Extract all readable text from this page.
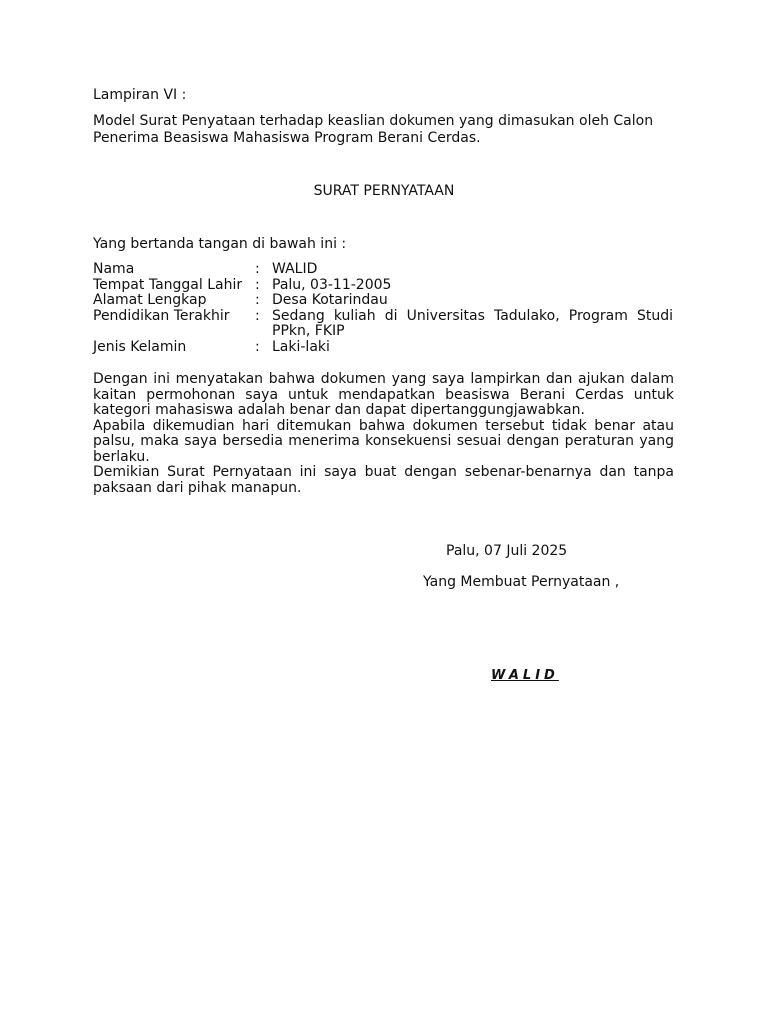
Lampiran VI :
Model Surat Penyataan terhadap keaslian dokumen yang dimasukan oleh Calon Penerima Beasiswa Mahasiswa Program Berani Cerdas.
SURAT PERNYATAAN
Yang bertanda tangan di bawah ini :
Nama	: WALID
Tempat Tanggal Lahir : Palu, 03-11-2005
Alamat Lengkap	: Desa Kotarindau
Pendidikan Terakhir	: Sedang kuliah di Universitas Tadulako, Program Studi PPkn, FKIP
Jenis Kelamin	: Laki-laki

Dengan ini menyatakan bahwa dokumen yang saya lampirkan dan ajukan dalam kaitan permohonan saya untuk mendapatkan beasiswa Berani Cerdas untuk kategori mahasiswa adalah benar dan dapat dipertanggungjawabkan.

Apabila dikemudian hari ditemukan bahwa dokumen tersebut tidak benar atau palsu, maka saya bersedia menerima konsekuensi sesuai dengan peraturan yang berlaku.

Demikian Surat Pernyataan ini saya buat dengan sebenar-benarnya dan tanpa paksaan dari pihak manapun.

Palu, 07 Juli 2025
Yang Membuat Pernyataan ,
WALID
